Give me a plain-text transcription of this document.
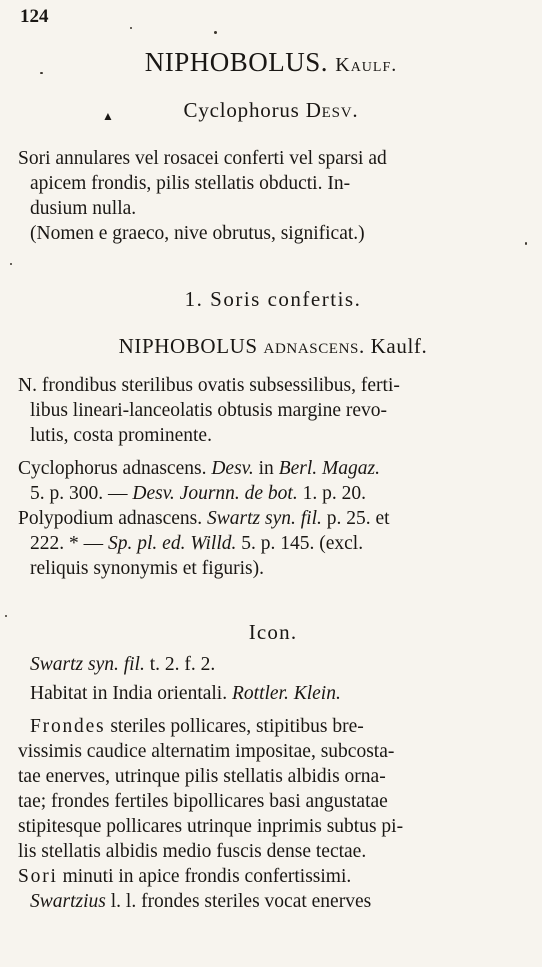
124
NIPHOBOLUS. Kaulf.
▲	Cyclophorus Desv.
Sori annulares vel rosacei conferti vel sparsi ad
apicem frondis, pilis stellatis obducti. In-
dusium nulla.
(Nomen e graeco, nive obrutus, significat.)
1. Soris confertis.
NIPHOBOLUS adnascens. Kaulf.
N. frondibus sterilibus ovatis subsessilibus, ferti-
libus lineari-lanceolatis obtusis margine revo-
lutis, costa prominente.
Cyclophorus adnascens. Desv. in Berl. Magaz.
5. p. 300. — Desv. Journn. de bot. 1. p. 20.
Polypodium adnascens. Swartz syn. fil. p. 25. et
222. * — Sp. pl. ed. Willd. 5. p. 145. (excl.
reliquis synonymis et figuris).
Icon.
Swartz syn. fil. t. 2. f. 2.
Habitat in India orientali. Rottler. Klein.
Frondes steriles pollicares, stipitibus bre-
vissimis caudice alternatim impositae, subcosta-
tae enerves, utrinque pilis stellatis albidis orna-
tae; frondes fertiles bipollicares basi angustatae
stipitesque pollicares utrinque inprimis subtus pi-
lis stellatis albidis medio fuscis dense tectae.
Sori minuti in apice frondis confertissimi.
Swartzius l. l. frondes steriles vocat enerves
